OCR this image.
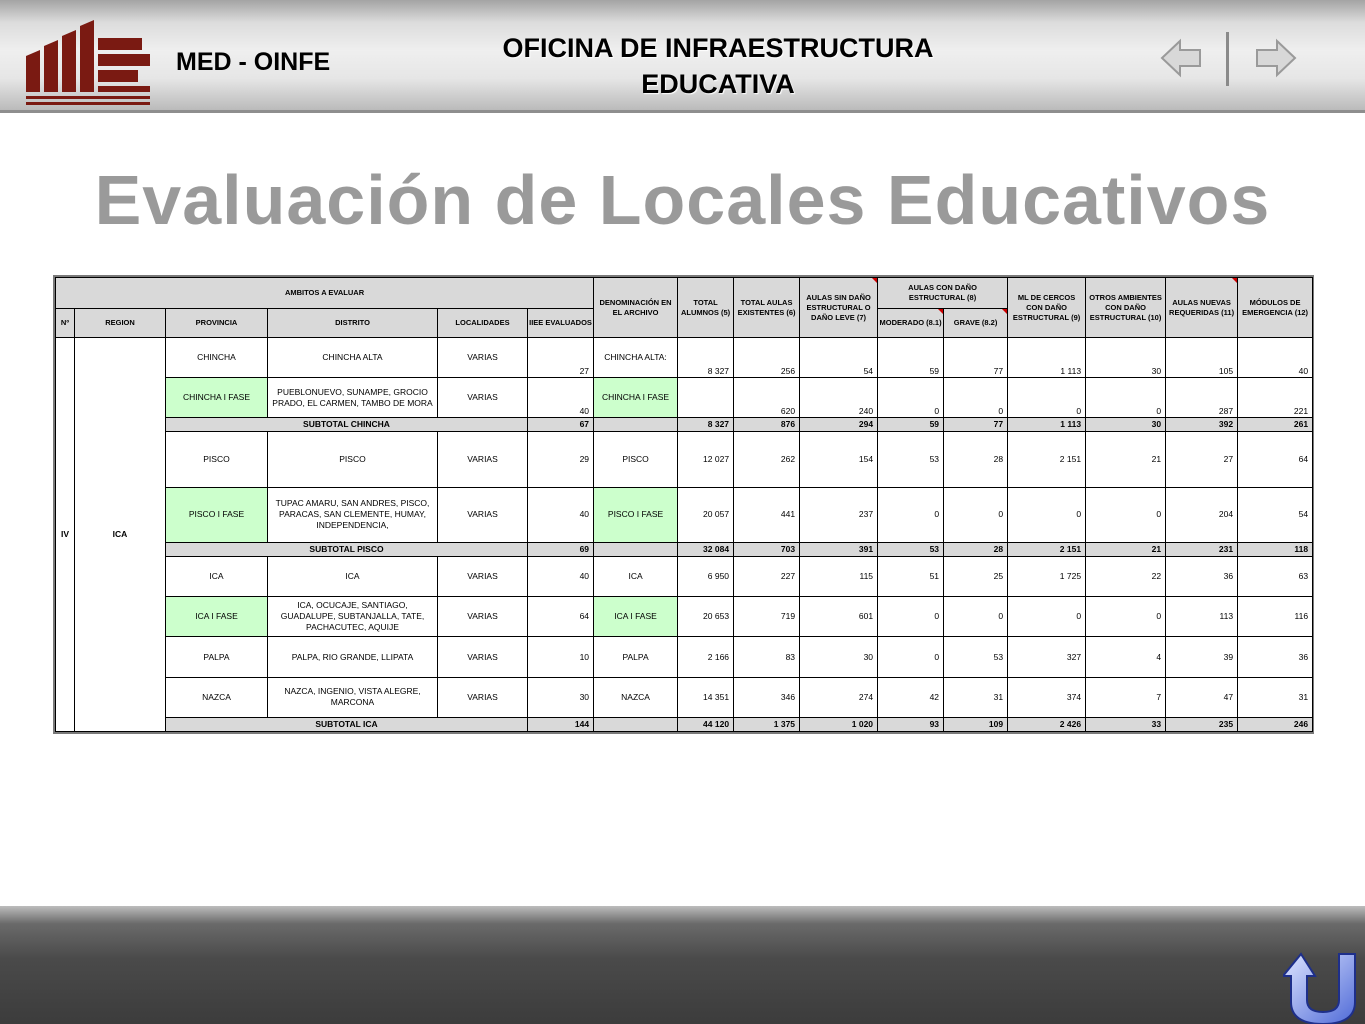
MED - OINFE	OFICINA DE INFRAESTRUCTURA
EDUCATIVA
Evaluación de Locales Educativos
AMBITOS A EVALUAR						DENOMINACIÓN EN EL ARCHIVO	TOTAL ALUMNOS (5)	TOTAL AULAS EXISTENTES (6)	AULAS SIN DAÑO ESTRUCTURAL O DAÑO LEVE (7)	AULAS CON DAÑO ESTRUCTURAL (8)		ML DE CERCOS CON DAÑO ESTRUCTURAL (9)	OTROS AMBIENTES CON DAÑO ESTRUCTURAL (10)	AULAS NUEVAS REQUERIDAS (11)	MÓDULOS DE EMERGENCIA (12)
Nº	REGION	PROVINCIA	DISTRITO	LOCALIDADES	IIEE EVALUADOS					MODERADO (8.1)	GRAVE (8.2)				
IV	ICA	CHINCHA	CHINCHA ALTA	VARIAS	27	CHINCHA ALTA:	8 327	256	54	59	77	1 113	30	105	40
		CHINCHA I FASE	PUEBLONUEVO, SUNAMPE, GROCIO PRADO, EL CARMEN, TAMBO DE MORA	VARIAS	40	CHINCHA I FASE		620	240	0	0	0	0	287	221
		SUBTOTAL CHINCHA			67		8 327	876	294	59	77	1 113	30	392	261
		PISCO	PISCO	VARIAS	29	PISCO	12 027	262	154	53	28	2 151	21	27	64
		PISCO I FASE	TUPAC AMARU, SAN ANDRES, PISCO, PARACAS, SAN CLEMENTE, HUMAY, INDEPENDENCIA,	VARIAS	40	PISCO I FASE	20 057	441	237	0	0	0	0	204	54
		SUBTOTAL PISCO			69		32 084	703	391	53	28	2 151	21	231	118
		ICA	ICA	VARIAS	40	ICA	6 950	227	115	51	25	1 725	22	36	63
		ICA I FASE	ICA, OCUCAJE, SANTIAGO, GUADALUPE, SUBTANJALLA, TATE, PACHACUTEC, AQUIJE	VARIAS	64	ICA I FASE	20 653	719	601	0	0	0	0	113	116
		PALPA	PALPA, RIO GRANDE, LLIPATA	VARIAS	10	PALPA	2 166	83	30	0	53	327	4	39	36
		NAZCA	NAZCA, INGENIO, VISTA ALEGRE, MARCONA	VARIAS	30	NAZCA	14 351	346	274	42	31	374	7	47	31
		SUBTOTAL ICA			144		44 120	1 375	1 020	93	109	2 426	33	235	246
